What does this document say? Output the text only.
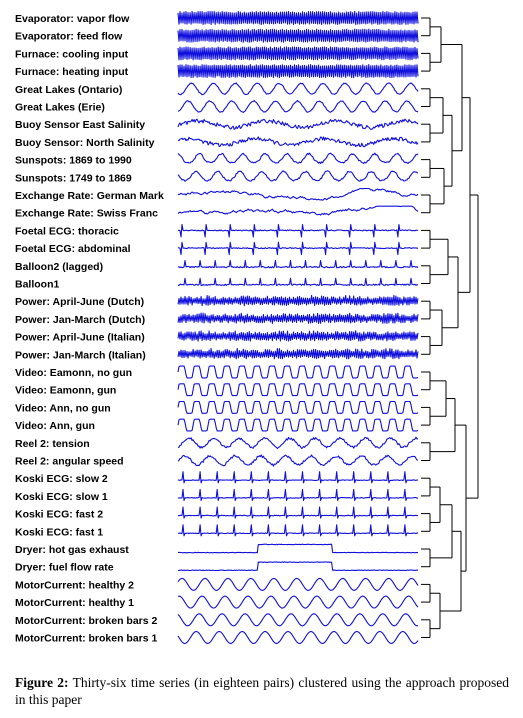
Evaporator: vapor flow
Evaporator: feed flow
Furnace: cooling input
Furnace: heating input
Great Lakes (Ontario)
Great Lakes (Erie)
Buoy Sensor East Salinity
Buoy Sensor: North Salinity
Sunspots: 1869 to 1990
Sunspots: 1749 to 1869
Exchange Rate: German Mark
Exchange Rate: Swiss Franc
Foetal ECG: thoracic
Foetal ECG: abdominal
Balloon2 (lagged)
Balloon1
Power: April-June (Dutch)
Power: Jan-March (Dutch)
Power: April-June (Italian)
Power: Jan-March (Italian)
Video: Eamonn, no gun
Video: Eamonn, gun
Video: Ann, no gun
Video: Ann, gun
Reel 2: tension
Reel 2: angular speed
Koski ECG: slow 2
Koski ECG: slow 1
Koski ECG: fast 2
Koski ECG: fast 1
Dryer: hot gas exhaust
Dryer: fuel flow rate
MotorCurrent: healthy 2
MotorCurrent: healthy 1
MotorCurrent: broken bars 2
MotorCurrent: broken bars 1

Figure 2: Thirty-six time series (in eighteen pairs) clustered using the approach proposed in this paper
